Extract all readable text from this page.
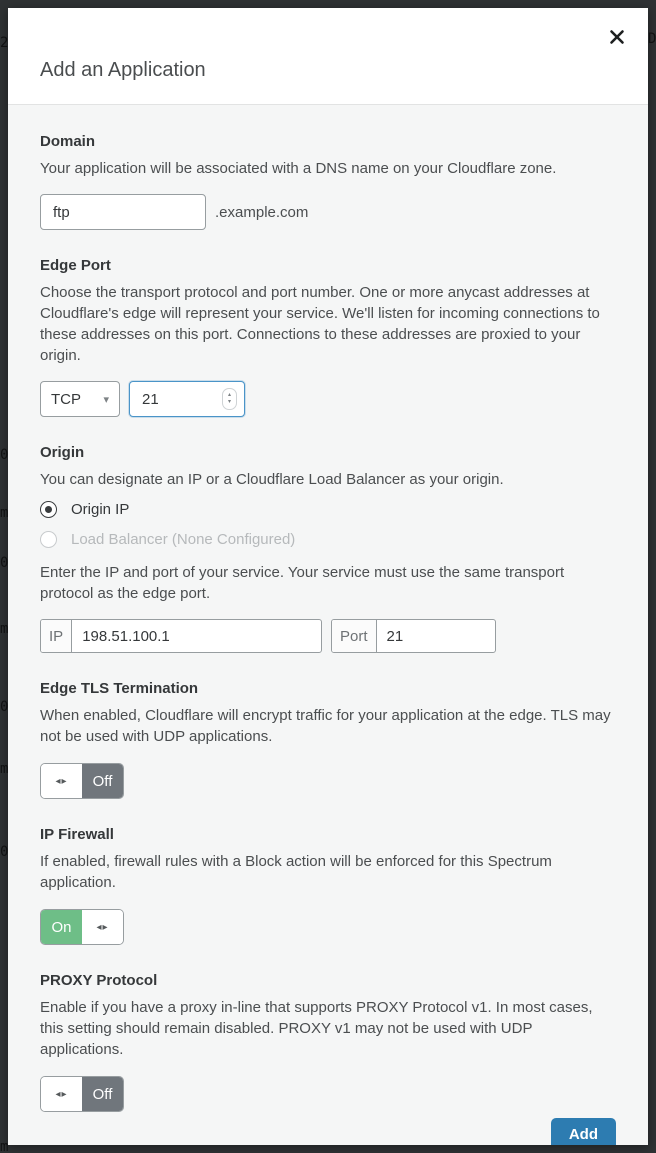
2
0
m
0
m
0
m
0
m
D
Add an Application

Domain

Your application will be associated with a DNS name on your Cloudflare zone.

ftp
.example.com

Edge Port

Choose the transport protocol and port number. One or more anycast addresses at Cloudflare's edge will represent your service. We'll listen for incoming connections to these addresses on this port. Connections to these addresses are proxied to your origin.

TCP ▾
21	▴
▾

Origin

You can designate an IP or a Cloudflare Load Balancer as your origin.

Origin IP
Load Balancer (None Configured)

Enter the IP and port of your service. Your service must use the same transport protocol as the edge port.

IP
198.51.100.1	Port
21

Edge TLS Termination

When enabled, Cloudflare will encrypt traffic for your application at the edge. TLS may not be used with UDP applications.

◂▸ Off

IP Firewall

If enabled, firewall rules with a Block action will be enforced for this Spectrum application.

On ◂▸

PROXY Protocol

Enable if you have a proxy in-line that supports PROXY Protocol v1. In most cases, this setting should remain disabled. PROXY v1 may not be used with UDP applications.

◂▸ Off
Add
